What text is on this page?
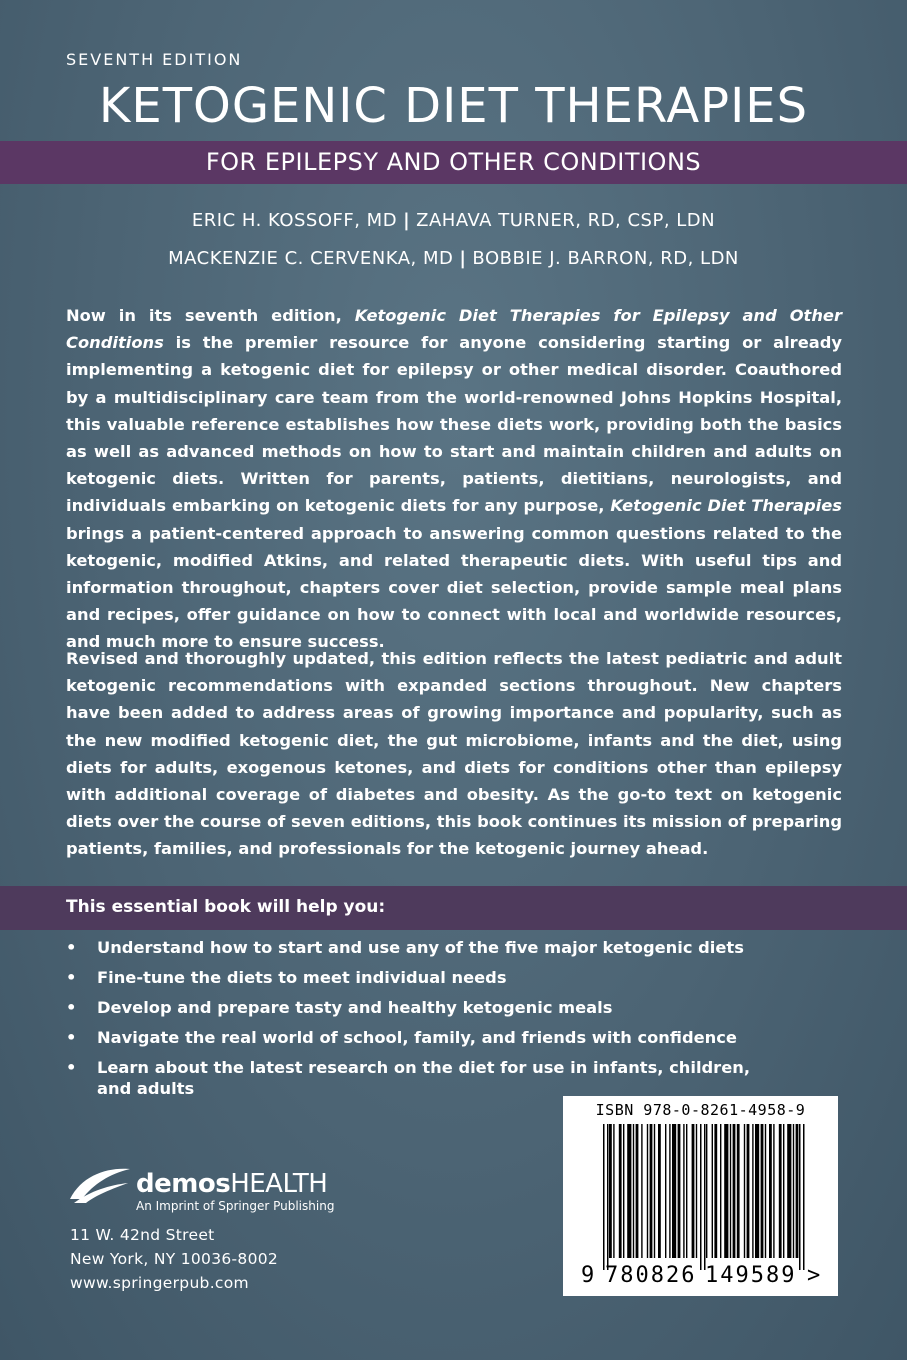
SEVENTH EDITION
KETOGENIC DIET THERAPIES
FOR EPILEPSY AND OTHER CONDITIONS
ERIC H. KOSSOFF, MD | ZAHAVA TURNER, RD, CSP, LDN
MACKENZIE C. CERVENKA, MD | BOBBIE J. BARRON, RD, LDN
Now in its seventh edition, Ketogenic Diet Therapies for Epilepsy and Other Conditions is the premier resource for anyone considering starting or already implementing a ketogenic diet for epilepsy or other medical disorder. Coauthored by a multidisciplinary care team from the world-renowned Johns Hopkins Hospital, this valuable reference establishes how these diets work, providing both the basics as well as advanced methods on how to start and maintain children and adults on ketogenic diets. Written for parents, patients, dietitians, neurologists, and individuals embarking on ketogenic diets for any purpose, Ketogenic Diet Therapies brings a patient-centered approach to answering common questions related to the ketogenic, modified Atkins, and related therapeutic diets. With useful tips and information throughout, chapters cover diet selection, provide sample meal plans and recipes, offer guidance on how to connect with local and worldwide resources, and much more to ensure success.
Revised and thoroughly updated, this edition reflects the latest pediatric and adult ketogenic recommendations with expanded sections throughout. New chapters have been added to address areas of growing importance and popularity, such as the new modified ketogenic diet, the gut microbiome, infants and the diet, using diets for adults, exogenous ketones, and diets for conditions other than epilepsy with additional coverage of diabetes and obesity. As the go-to text on ketogenic diets over the course of seven editions, this book continues its mission of preparing patients, families, and professionals for the ketogenic journey ahead.
This essential book will help you:
• Understand how to start and use any of the five major ketogenic diets
• Fine-tune the diets to meet individual needs
• Develop and prepare tasty and healthy ketogenic meals
• Navigate the real world of school, family, and friends with confidence
• Learn about the latest research on the diet for use in infants, children, and adults
demosHEALTH
An Imprint of Springer Publishing
11 W. 42nd Street
New York, NY 10036-8002
www.springerpub.com
ISBN 978-0-8261-4958-9
9 780826 149589 >
